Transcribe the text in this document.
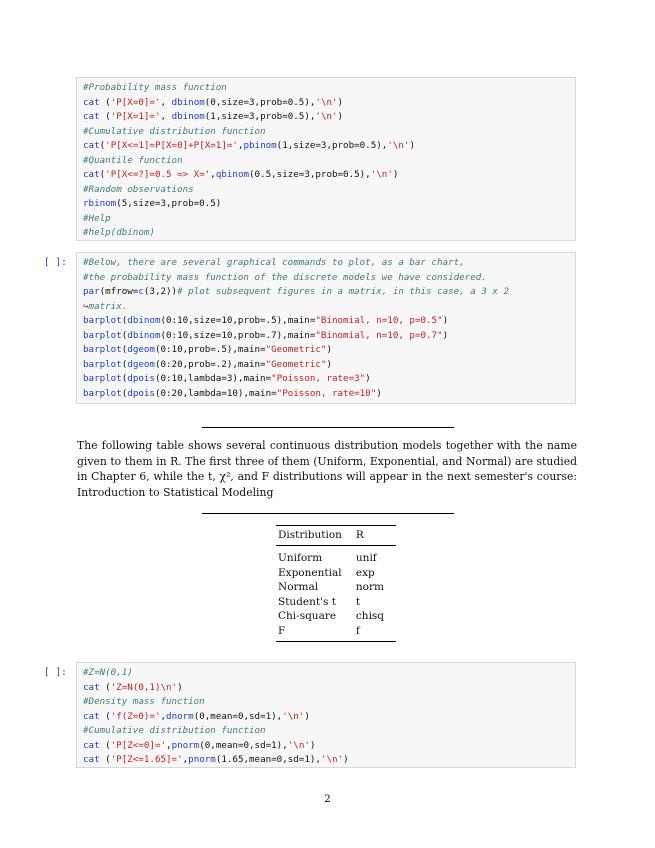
#Probability mass function
cat ('P[X=0]=', dbinom(0,size=3,prob=0.5),'\n')
cat ('P[X=1]=', dbinom(1,size=3,prob=0.5),'\n')
#Cumulative distribution function
cat('P[X<=1]=P[X=0]+P[X=1]=',pbinom(1,size=3,prob=0.5),'\n')
#Quantile function
cat('P[X<=?]=0.5 => X=',qbinom(0.5,size=3,prob=0.5),'\n')
#Random observations
rbinom(5,size=3,prob=0.5)
#Help
#help(dbinom)
[ ]: #Below, there are several graphical commands to plot, as a bar chart,
#the probability mass function of the discrete models we have considered.
par(mfrow=c(3,2))# plot subsequent figures in a matrix, in this case, a 3 x 2
↪matrix.
barplot(dbinom(0:10,size=10,prob=.5),main="Binomial, n=10, p=0.5")
barplot(dbinom(0:10,size=10,prob=.7),main="Binomial, n=10, p=0.7")
barplot(dgeom(0:10,prob=.5),main="Geometric")
barplot(dgeom(0:20,prob=.2),main="Geometric")
barplot(dpois(0:10,lambda=3),main="Poisson, rate=3")
barplot(dpois(0:20,lambda=10),main="Poisson, rate=10")
The following table shows several continuous distribution models together with the name given to them in R. The first three of them (Uniform, Exponential, and Normal) are studied in Chapter 6, while the t, χ², and F distributions will appear in the next semester's course: Introduction to Statistical Modeling
Distribution	R
Uniform	unif
Exponential	exp
Normal	norm
Student's t	t
Chi-square	chisq
F	f
[ ]: #Z=N(0,1)
cat ('Z=N(0,1)\n')
#Density mass function
cat ('f(Z=0)=',dnorm(0,mean=0,sd=1),'\n')
#Cumulative distribution function
cat ('P[Z<=0]=',pnorm(0,mean=0,sd=1),'\n')
cat ('P[Z<=1.65]=',pnorm(1.65,mean=0,sd=1),'\n')
2
